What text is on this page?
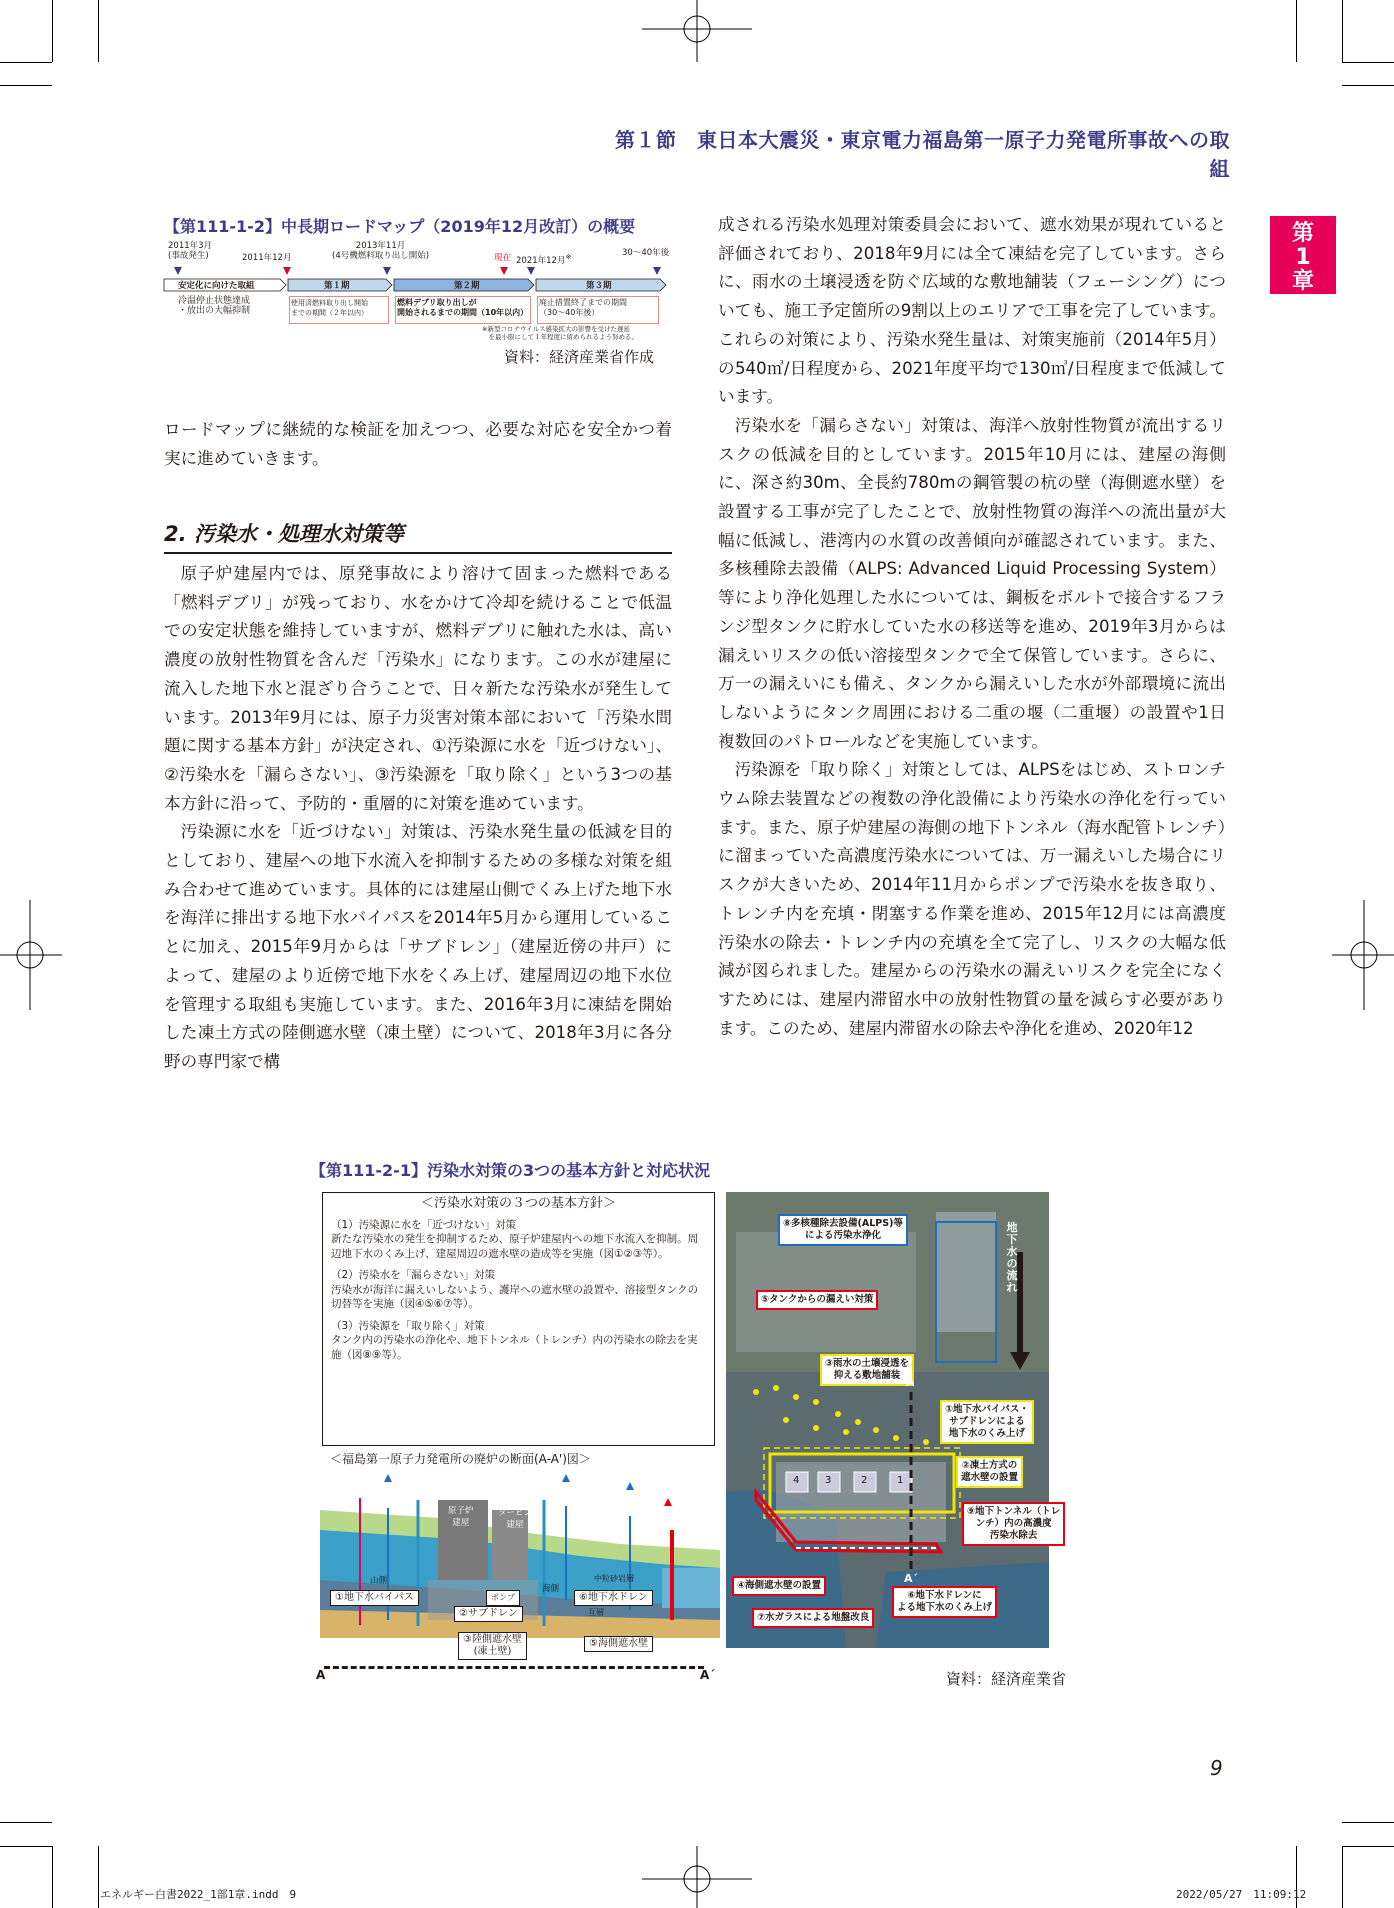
第１節　東日本大震災・東京電力福島第一原子力発電所事故への取組
第
1
章
【第111-1-2】中長期ロードマップ（2019年12月改訂）の概要
2011年3月
(事故発生)	2011年12月
2013年11月
(4号機燃料取り出し開始)	現在 2021年12月※	30〜40年後
安定化に向けた取組	第１期	第２期	第３期
冷温停止状態達成
・放出の大幅抑制
使用済燃料取り出し開始
までの期間（２年以内）
燃料デブリ取り出しが
開始されるまでの期間（10年以内）
廃止措置終了までの期間
（30〜40年後）
※新型コロナウイルス感染拡大の影響を受けた遅延
　を最小限にして１年程度に留められるよう努める。
資料：経済産業省作成

ロードマップに継続的な検証を加えつつ、必要な対応を安全かつ着実に進めていきます。

2. 汚染水・処理水対策等

原子炉建屋内では、原発事故により溶けて固まった燃料である「燃料デブリ」が残っており、水をかけて冷却を続けることで低温での安定状態を維持していますが、燃料デブリに触れた水は、高い濃度の放射性物質を含んだ「汚染水」になります。この水が建屋に流入した地下水と混ざり合うことで、日々新たな汚染水が発生しています。2013年9月には、原子力災害対策本部において「汚染水問題に関する基本方針」が決定され、①汚染源に水を「近づけない」、②汚染水を「漏らさない」、③汚染源を「取り除く」という3つの基本方針に沿って、予防的・重層的に対策を進めています。

汚染源に水を「近づけない」対策は、汚染水発生量の低減を目的としており、建屋への地下水流入を抑制するための多様な対策を組み合わせて進めています。具体的には建屋山側でくみ上げた地下水を海洋に排出する地下水バイパスを2014年5月から運用していることに加え、2015年9月からは「サブドレン」（建屋近傍の井戸）によって、建屋のより近傍で地下水をくみ上げ、建屋周辺の地下水位を管理する取組も実施しています。また、2016年3月に凍結を開始した凍土方式の陸側遮水壁（凍土壁）について、2018年3月に各分野の専門家で構

成される汚染水処理対策委員会において、遮水効果が現れていると評価されており、2018年9月には全て凍結を完了しています。さらに、雨水の土壌浸透を防ぐ広域的な敷地舗装（フェーシング）についても、施工予定箇所の9割以上のエリアで工事を完了しています。これらの対策により、汚染水発生量は、対策実施前（2014年5月）の540㎥/日程度から、2021年度平均で130㎥/日程度まで低減しています。

汚染水を「漏らさない」対策は、海洋へ放射性物質が流出するリスクの低減を目的としています。2015年10月には、建屋の海側に、深さ約30m、全長約780mの鋼管製の杭の壁（海側遮水壁）を設置する工事が完了したことで、放射性物質の海洋への流出量が大幅に低減し、港湾内の水質の改善傾向が確認されています。また、多核種除去設備（ALPS: Advanced Liquid Processing System）等により浄化処理した水については、鋼板をボルトで接合するフランジ型タンクに貯水していた水の移送等を進め、2019年3月からは漏えいリスクの低い溶接型タンクで全て保管しています。さらに、万一の漏えいにも備え、タンクから漏えいした水が外部環境に流出しないようにタンク周囲における二重の堰（二重堰）の設置や1日複数回のパトロールなどを実施しています。

汚染源を「取り除く」対策としては、ALPSをはじめ、ストロンチウム除去装置などの複数の浄化設備により汚染水の浄化を行っています。また、原子炉建屋の海側の地下トンネル（海水配管トレンチ）に溜まっていた高濃度汚染水については、万一漏えいした場合にリスクが大きいため、2014年11月からポンプで汚染水を抜き取り、トレンチ内を充填・閉塞する作業を進め、2015年12月には高濃度汚染水の除去・トレンチ内の充填を全て完了し、リスクの大幅な低減が図られました。建屋からの汚染水の漏えいリスクを完全になくすためには、建屋内滞留水中の放射性物質の量を減らす必要があります。このため、建屋内滞留水の除去や浄化を進め、2020年12

【第111-2-1】汚染水対策の3つの基本方針と対応状況

＜汚染水対策の３つの基本方針＞

（1）汚染源に水を「近づけない」対策

新たな汚染水の発生を抑制するため、原子炉建屋内への地下水流入を抑制。周辺地下水のくみ上げ、建屋周辺の遮水壁の造成等を実施（図①②③等）。

（2）汚染水を「漏らさない」対策

汚染水が海洋に漏えいしないよう、護岸への遮水壁の設置や、溶接型タンクの切替等を実施（図④⑤⑥⑦等）。

（3）汚染源を「取り除く」対策

タンク内の汚染水の浄化や、地下トンネル（トレンチ）内の汚染水の除去を実施（図⑧⑨等）。

＜福島第一原子力発電所の廃炉の断面(A-A')図＞
原子炉
建屋
タービン
建屋
ポンプ
山側
海側
中粒砂岩層
互層
①地下水バイパス
②サブドレン
⑥地下水ドレン
③陸側遮水壁
(凍土壁)
⑤海側遮水壁
A	A´
⑧多核種除去設備(ALPS)等
による汚染水浄化
地下水の流れ
⑤タンクからの漏えい対策
③雨水の土壌浸透を
抑える敷地舗装
①地下水バイパス・
サブドレンによる
地下水のくみ上げ
②凍土方式の
遮水壁の設置
⑨地下トンネル（トレ
ンチ）内の高濃度
汚染水除去
④海側遮水壁の設置
⑦水ガラスによる地盤改良
⑥地下水ドレンに
よる地下水のくみ上げ
A
A´
4	3	2	1
資料：経済産業省
9
エネルギー白書2022_1部1章.indd　9	2022/05/27　11:09:12
